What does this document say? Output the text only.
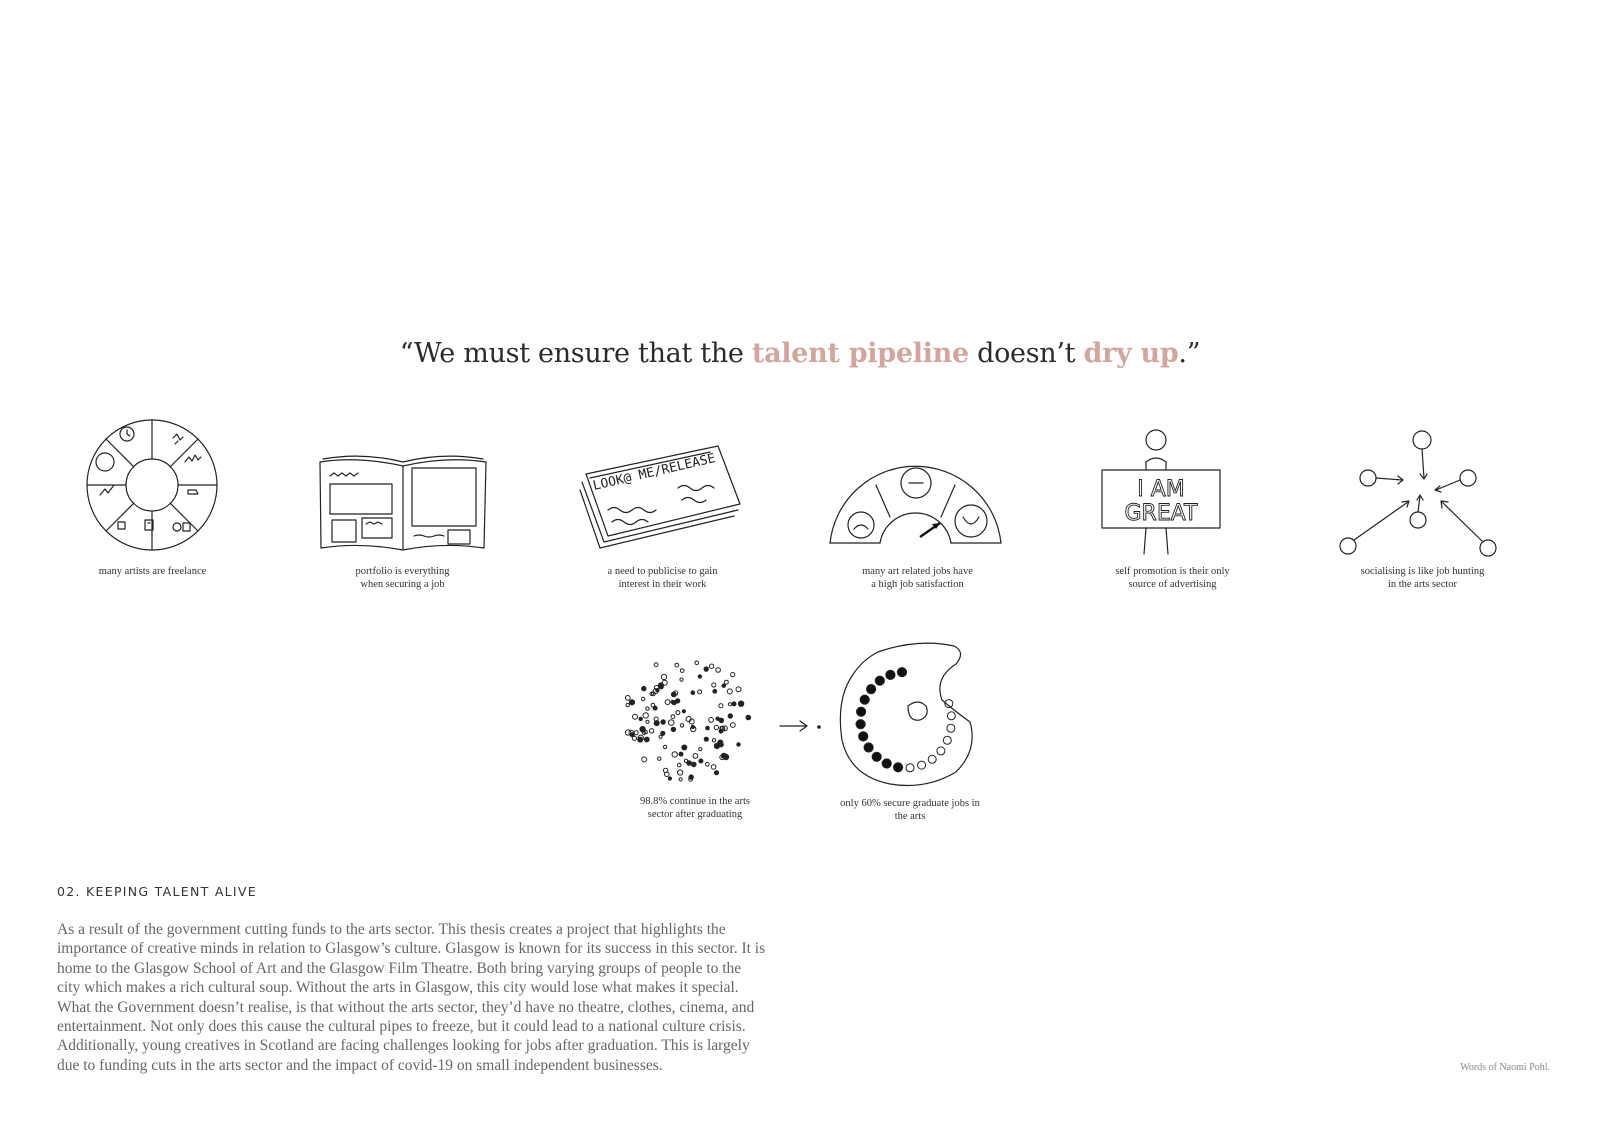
“We must ensure that the talent pipeline doesn’t dry up.”
many artists are freelance	portfolio is everything
when securing a job
LOOK@ ME/RELEASE
a need to publicise to gain
interest in their work
many art related jobs have
a high job satisfaction
I AM
GREAT
self promotion is their only
source of advertising
socialising is like job hunting
in the arts sector
98.8% continue in the arts
sector after graduating
only 60% secure graduate jobs in
the arts
02. KEEPING TALENT ALIVE
As a result of the government cutting funds to the arts sector. This thesis creates a project that highlights the
importance of creative minds in relation to Glasgow’s culture. Glasgow is known for its success in this sector. It is
home to the Glasgow School of Art and the Glasgow Film Theatre. Both bring varying groups of people to the
city which makes a rich cultural soup. Without the arts in Glasgow, this city would lose what makes it special.
What the Government doesn’t realise, is that without the arts sector, they’d have no theatre, clothes, cinema, and
entertainment. Not only does this cause the cultural pipes to freeze, but it could lead to a national culture crisis.
Additionally, young creatives in Scotland are facing challenges looking for jobs after graduation. This is largely
due to funding cuts in the arts sector and the impact of covid-19 on small independent businesses.	Words of Naomi Pohl.
